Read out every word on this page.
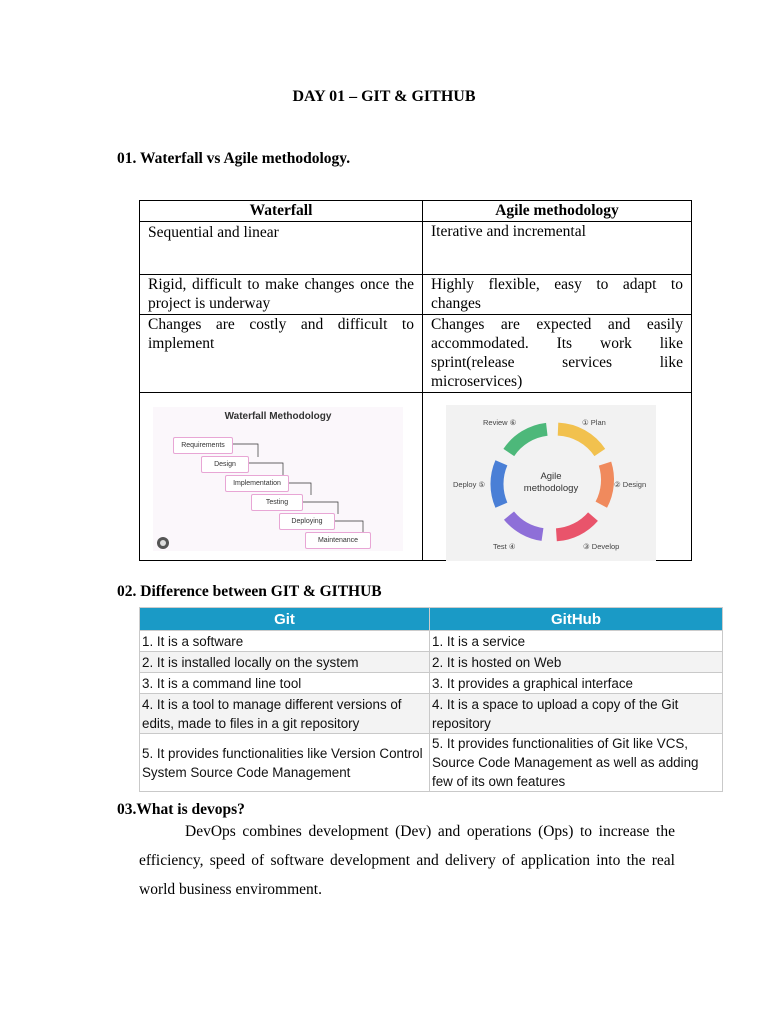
DAY 01 – GIT & GITHUB
01. Waterfall vs Agile methodology.
Waterfall	Agile methodology
Sequential and linear	Iterative and incremental
Rigid, difficult to make changes once the project is underway	Highly flexible, easy to adapt to changes
Changes are costly and difficult to implement	Changes are expected and easily accommodated. Its work like sprint(release services like microservices)

Waterfall Methodology
Requirements
Design
Implementation
Testing
Deploying
Maintenance
Agile
methodology
① Plan
② Design
③ Develop
Test ④
Deploy ⑤
Review ⑥
02. Difference between GIT & GITHUB
Git	GitHub
1. It is a software	1. It is a service
2. It is installed locally on the system	2. It is hosted on Web
3. It is a command line tool	3. It provides a graphical interface
4. It is a tool to manage different versions of edits, made to files in a git repository	4. It is a space to upload a copy of the Git repository
5. It provides functionalities like Version Control System Source Code Management	5. It provides functionalities of Git like VCS, Source Code Management as well as adding few of its own features
03.What is devops?
DevOps combines development (Dev) and operations (Ops) to increase the efficiency, speed of software development and delivery of application into the real world business enviromment.
